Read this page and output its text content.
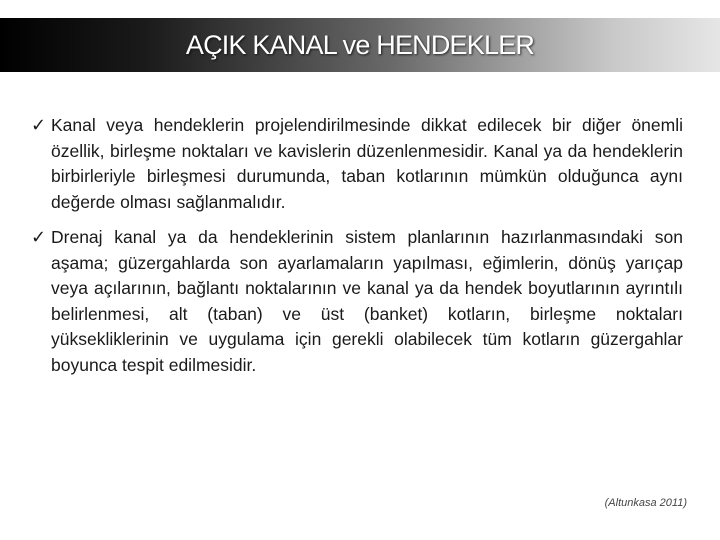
AÇIK KANAL ve HENDEKLER
✓ Kanal veya hendeklerin projelendirilmesinde dikkat edilecek bir diğer önemli özellik, birleşme noktaları ve kavislerin düzenlenmesidir. Kanal ya da hendeklerin birbirleriyle birleşmesi durumunda, taban kotlarının mümkün olduğunca aynı değerde olması sağlanmalıdır.
✓ Drenaj kanal ya da hendeklerinin sistem planlarının hazırlanmasındaki son aşama; güzergahlarda son ayarlamaların yapılması, eğimlerin, dönüş yarıçap veya açılarının, bağlantı noktalarının ve kanal ya da hendek boyutlarının ayrıntılı belirlenmesi, alt (taban) ve üst (banket) kotların, birleşme noktaları yüksekliklerinin ve uygulama için gerekli olabilecek tüm kotların güzergahlar boyunca tespit edilmesidir.
(Altunkasa 2011)
